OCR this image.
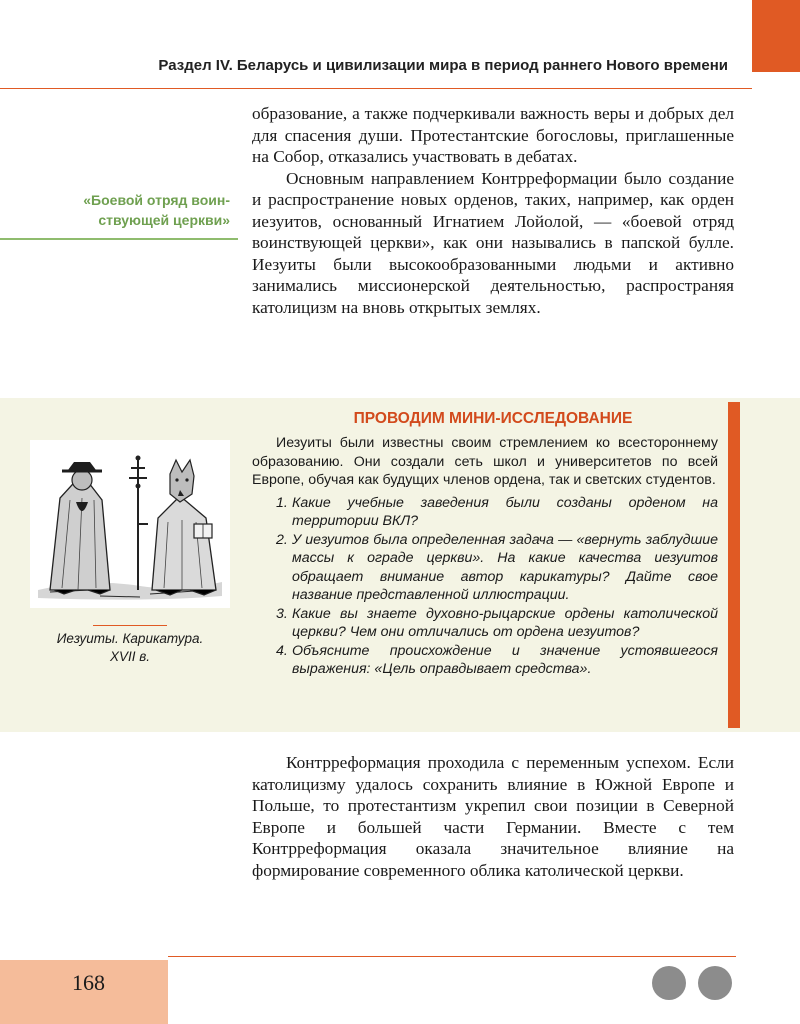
Раздел IV. Беларусь и цивилизации мира в период раннего Нового времени

образование, а также подчеркивали важность веры и добрых дел для спасения души. Протестантские богословы, приглашенные на Собор, отказались участвовать в дебатах.

Основным направлением Контрреформации было создание и распространение новых орденов, таких, например, как орден иезуитов, основанный Игнатием Лойолой, — «боевой отряд воинствующей церкви», как они назывались в папской булле. Иезуиты были высокообразованными людьми и активно занимались миссионерской деятельностью, распространяя католицизм на вновь открытых землях.

«Боевой отряд воин-
ствующей церкви»
ПРОВОДИМ МИНИ-ИССЛЕДОВАНИЕ

Иезуиты были известны своим стремлением ко всестороннему образованию. Они создали сеть школ и университетов по всей Европе, обучая как будущих членов ордена, так и светских студентов.

1. Какие учебные заведения были созданы орденом на территории ВКЛ?
2. У иезуитов была определенная задача — «вернуть заблудшие массы к ограде церкви». На какие качества иезуитов обращает внимание автор карикатуры? Дайте свое название представленной иллюстрации.
3. Какие вы знаете духовно-рыцарские ордены католической церкви? Чем они отличались от ордена иезуитов?
4. Объясните происхождение и значение устоявшегося выражения: «Цель оправдывает средства».
Иезуиты. Карикатура.
XVII в.

Контрреформация проходила с переменным успехом. Если католицизму удалось сохранить влияние в Южной Европе и Польше, то протестантизм укрепил свои позиции в Северной Европе и большей части Германии. Вместе с тем Контрреформация оказала значительное влияние на формирование современного облика католической церкви.

168
